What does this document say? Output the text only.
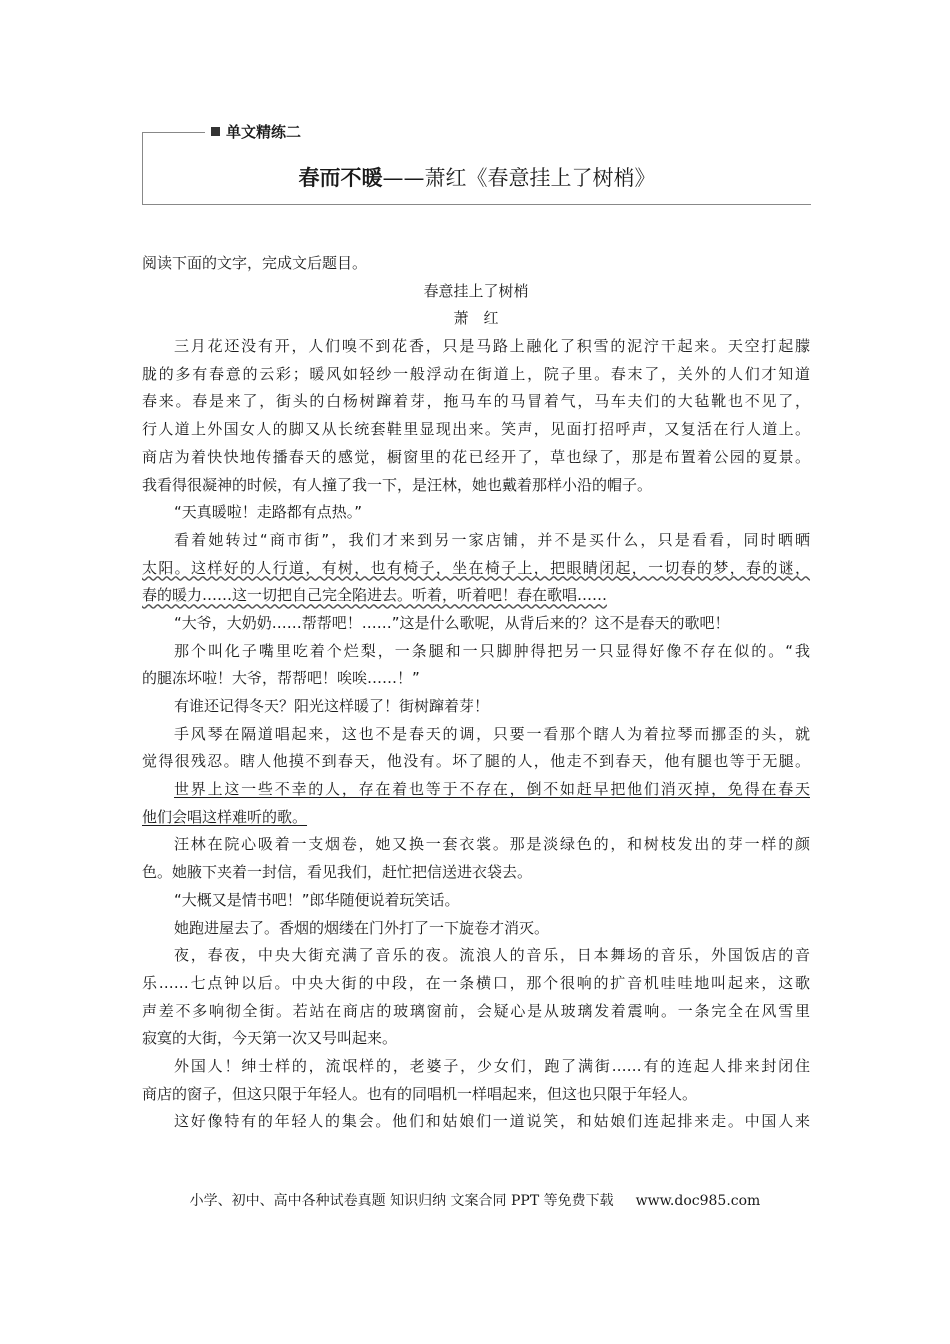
单文精练二
春而不暖——萧红《春意挂上了树梢》
阅读下面的文字，完成文后题目。
春意挂上了树梢
萧　红
三月花还没有开，人们嗅不到花香，只是马路上融化了积雪的泥泞干起来。天空打起朦
胧的多有春意的云彩；暖风如轻纱一般浮动在街道上，院子里。春末了，关外的人们才知道
春来。春是来了，街头的白杨树蹿着芽，拖马车的马冒着气，马车夫们的大毡靴也不见了，
行人道上外国女人的脚又从长统套鞋里显现出来。笑声，见面打招呼声，又复活在行人道上。
商店为着快快地传播春天的感觉，橱窗里的花已经开了，草也绿了，那是布置着公园的夏景。
我看得很凝神的时候，有人撞了我一下，是汪林，她也戴着那样小沿的帽子。
“天真暖啦！走路都有点热。”
看着她转过“商市街”，我们才来到另一家店铺，并不是买什么，只是看看，同时晒晒
太阳。这样好的人行道，有树，也有椅子，坐在椅子上，把眼睛闭起，一切春的梦，春的谜，
春的暖力……这一切把自己完全陷进去。听着，听着吧！春在歌唱……
“大爷，大奶奶……帮帮吧！……”这是什么歌呢，从背后来的？这不是春天的歌吧！
那个叫化子嘴里吃着个烂梨，一条腿和一只脚肿得把另一只显得好像不存在似的。“我
的腿冻坏啦！大爷，帮帮吧！唉唉……！”
有谁还记得冬天？阳光这样暖了！街树蹿着芽！
手风琴在隔道唱起来，这也不是春天的调，只要一看那个瞎人为着拉琴而挪歪的头，就
觉得很残忍。瞎人他摸不到春天，他没有。坏了腿的人，他走不到春天，他有腿也等于无腿。
世界上这一些不幸的人，存在着也等于不存在，倒不如赶早把他们消灭掉，免得在春天
他们会唱这样难听的歌。
汪林在院心吸着一支烟卷，她又换一套衣裳。那是淡绿色的，和树枝发出的芽一样的颜
色。她腋下夹着一封信，看见我们，赶忙把信送进衣袋去。
“大概又是情书吧！”郎华随便说着玩笑话。
她跑进屋去了。香烟的烟缕在门外打了一下旋卷才消灭。
夜，春夜，中央大街充满了音乐的夜。流浪人的音乐，日本舞场的音乐，外国饭店的音
乐……七点钟以后。中央大街的中段，在一条横口，那个很响的扩音机哇哇地叫起来，这歌
声差不多响彻全街。若站在商店的玻璃窗前，会疑心是从玻璃发着震响。一条完全在风雪里
寂寞的大街，今天第一次又号叫起来。
外国人！绅士样的，流氓样的，老婆子，少女们，跑了满街……有的连起人排来封闭住
商店的窗子，但这只限于年轻人。也有的同唱机一样唱起来，但这也只限于年轻人。
这好像特有的年轻人的集会。他们和姑娘们一道说笑，和姑娘们连起排来走。中国人来
小学、初中、高中各种试卷真题 知识归纳 文案合同 PPT 等免费下载 www.doc985.com
